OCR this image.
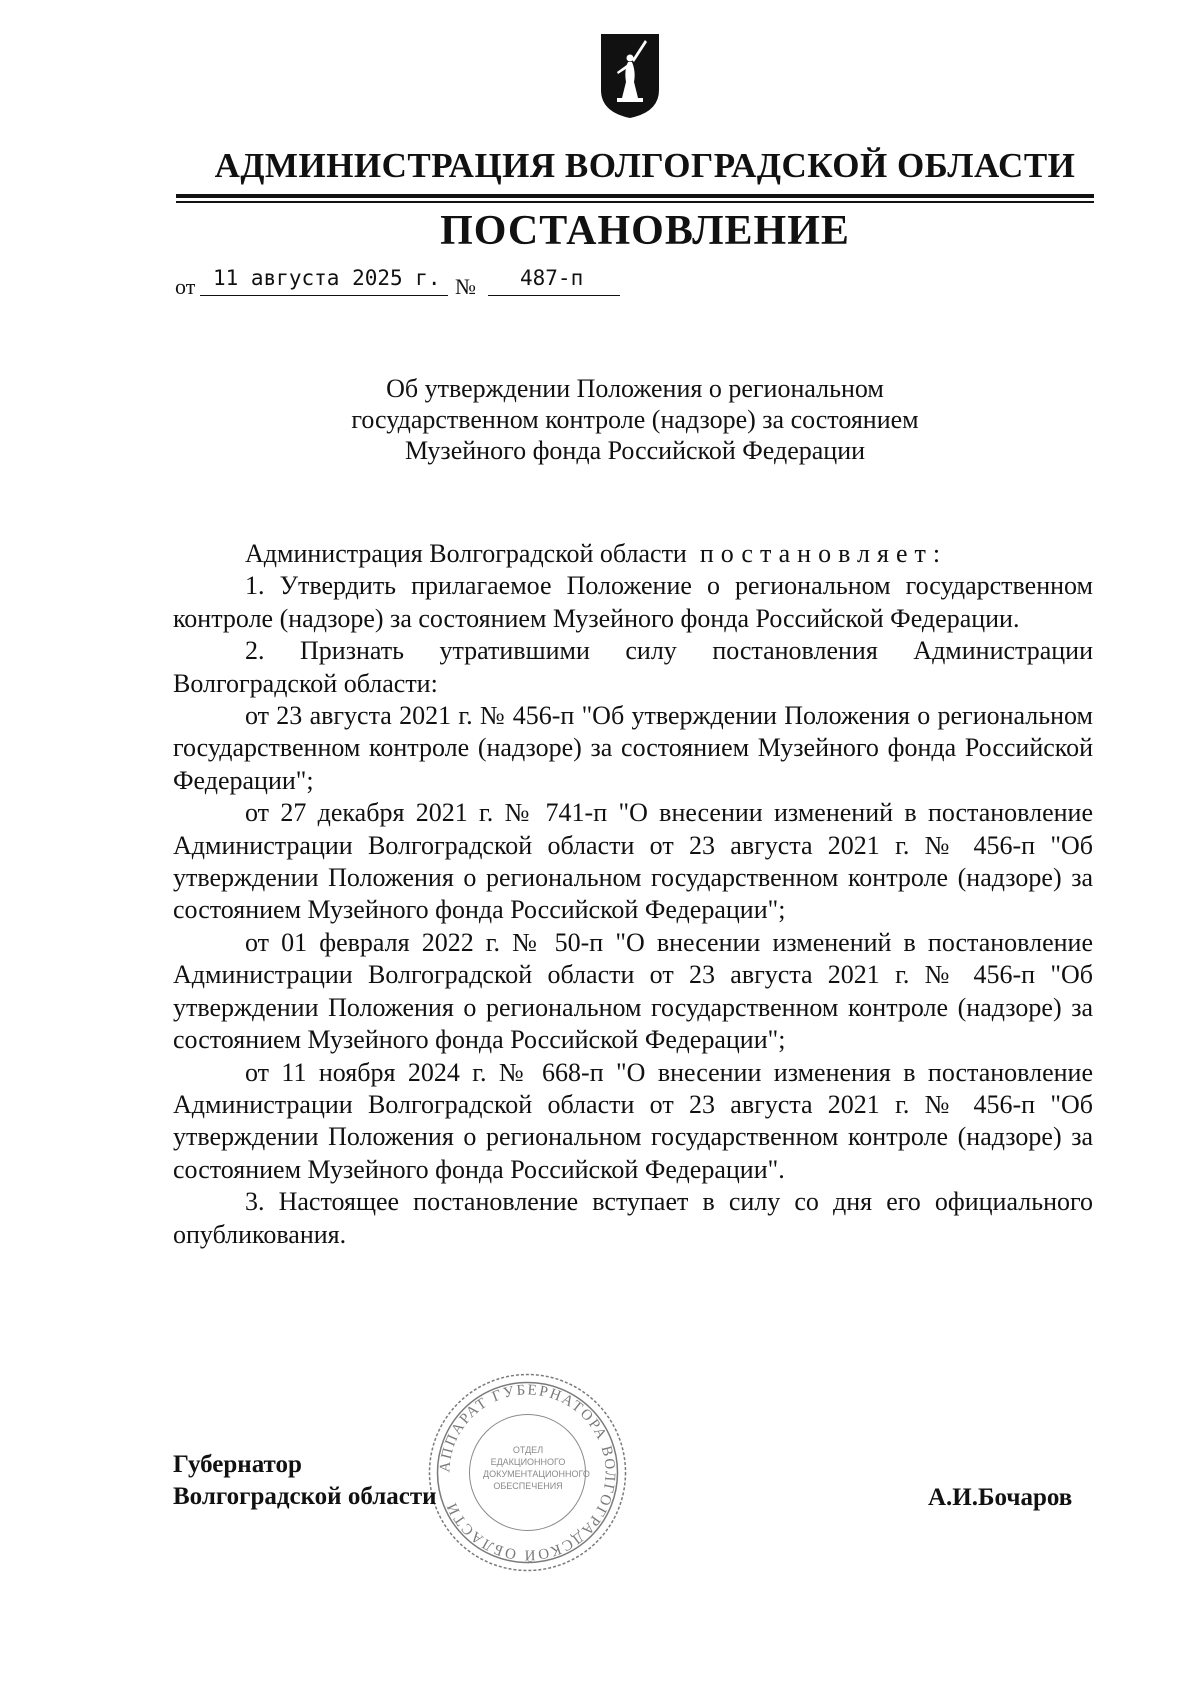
АДМИНИСТРАЦИЯ ВОЛГОГРАДСКОЙ ОБЛАСТИ
ПОСТАНОВЛЕНИЕ
от 11 августа 2025 г. № 487-п
Об утверждении Положения о региональном
государственном контроле (надзоре) за состоянием
Музейного фонда Российской Федерации

Администрация Волгоградской области постановляет:

1. Утвердить прилагаемое Положение о региональном государственном контроле (надзоре) за состоянием Музейного фонда Российской Федерации.

2. Признать утратившими силу постановления Администрации Волгоградской области:

от 23 августа 2021 г. № 456-п "Об утверждении Положения о региональном государственном контроле (надзоре) за состоянием Музейного фонда Российской Федерации";

от 27 декабря 2021 г. № 741-п "О внесении изменений в постановление Администрации Волгоградской области от 23 августа 2021 г. № 456-п "Об утверждении Положения о региональном государственном контроле (надзоре) за состоянием Музейного фонда Российской Федерации";

от 01 февраля 2022 г. № 50-п "О внесении изменений в постановление Администрации Волгоградской области от 23 августа 2021 г. № 456-п "Об утверждении Положения о региональном государственном контроле (надзоре) за состоянием Музейного фонда Российской Федерации";

от 11 ноября 2024 г. № 668-п "О внесении изменения в постановление Администрации Волгоградской области от 23 августа 2021 г. № 456-п "Об утверждении Положения о региональном государственном контроле (надзоре) за состоянием Музейного фонда Российской Федерации".

3. Настоящее постановление вступает в силу со дня его официального опубликования.

АППАРАТ ГУБЕРНАТОРА ВОЛГОГРАДСКОЙ ОБЛАСТИ
ОТДЕЛ ЕДАКЦИОННОГО ДОКУМЕНТАЦИОННОГО ОБЕСПЕЧЕНИЯ
Губернатор
Волгоградской области	А.И.Бочаров
